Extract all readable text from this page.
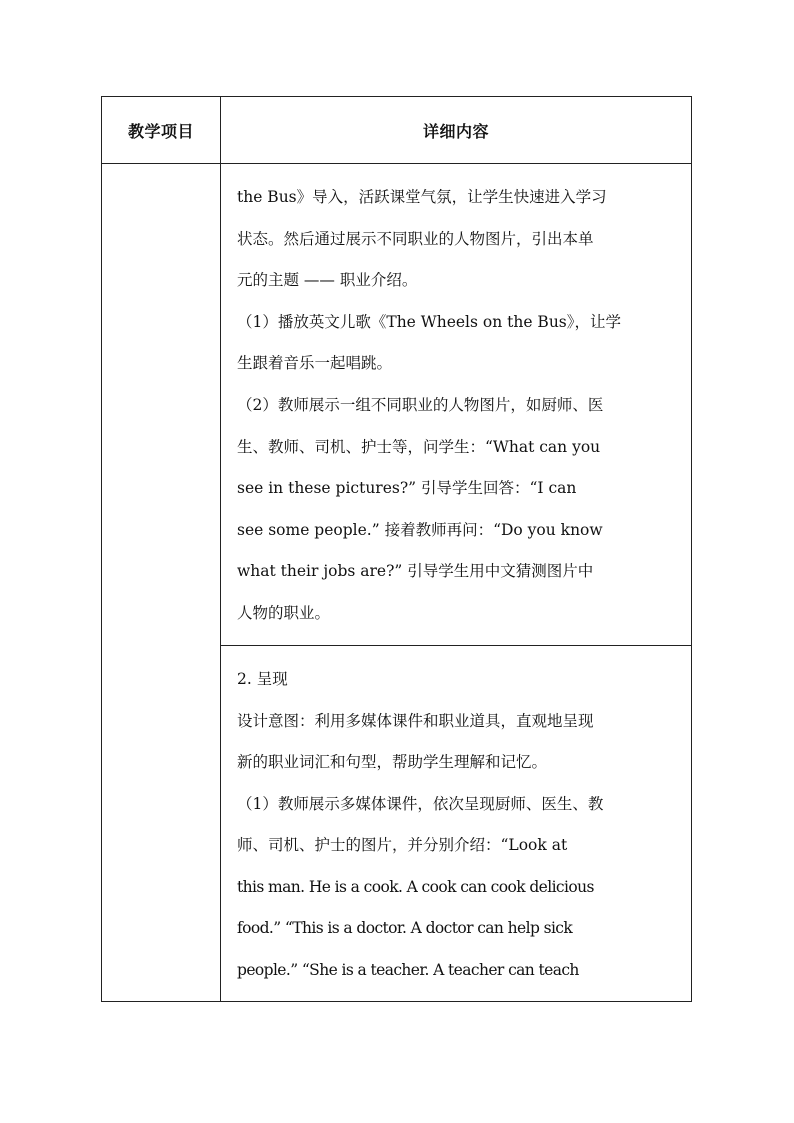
教学项目	详细内容
the Bus》导入，活跃课堂气氛，让学生快速进入学习
状态。然后通过展示不同职业的人物图片，引出本单
元的主题 —— 职业介绍。
（1）播放英文儿歌《The Wheels on the Bus》，让学
生跟着音乐一起唱跳。
（2）教师展示一组不同职业的人物图片，如厨师、医
生、教师、司机、护士等，问学生：“What can you
see in these pictures?” 引导学生回答：“I can
see some people.” 接着教师再问：“Do you know
what their jobs are?” 引导学生用中文猜测图片中
人物的职业。
2. 呈现
设计意图：利用多媒体课件和职业道具，直观地呈现
新的职业词汇和句型，帮助学生理解和记忆。
（1）教师展示多媒体课件，依次呈现厨师、医生、教
师、司机、护士的图片，并分别介绍：“Look at
this man. He is a cook. A cook can cook delicious
food.” “This is a doctor. A doctor can help sick
people.” “She is a teacher. A teacher can teach
